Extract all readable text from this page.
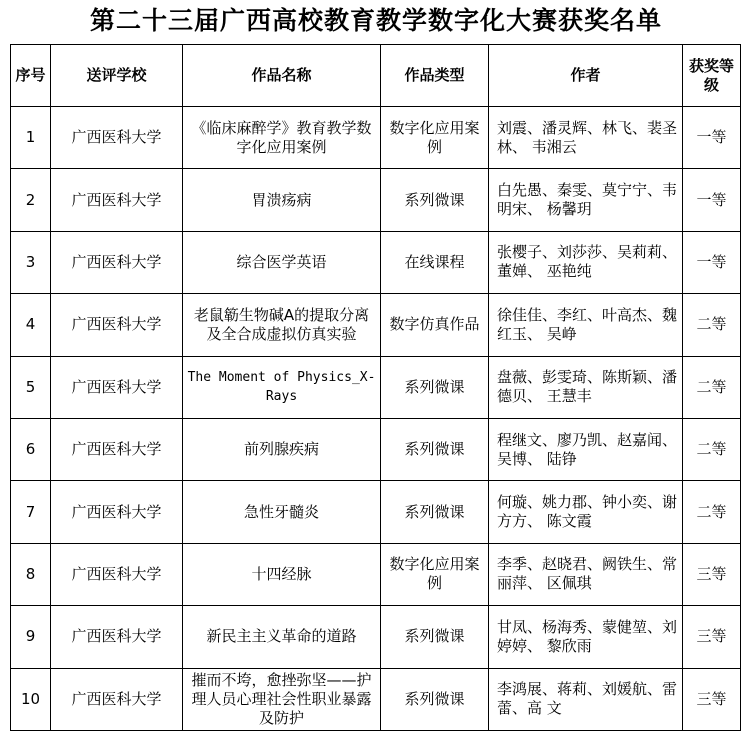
第二十三届广西高校教育教学数字化大赛获奖名单
序号	送评学校	作品名称	作品类型	作者	获奖等级
1	广西医科大学	《临床麻醉学》教育教学数 字化应用案例	数字化应用案例	刘震、潘灵辉、林飞、裴圣林、 韦湘云	一等
2	广西医科大学	胃溃疡病	系列微课	白先愚、秦雯、莫宁宁、韦明宋、 杨馨玥	一等
3	广西医科大学	综合医学英语	在线课程	张樱子、刘莎莎、吴莉莉、董婵、 巫艳纯	一等
4	广西医科大学	老鼠簕生物碱A的提取分离 及全合成虚拟仿真实验	数字仿真作品	徐佳佳、李红、叶高杰、魏红玉、 吴峥	二等
5	广西医科大学	The Moment of Physics_X-Rays	系列微课	盘薇、彭雯琦、陈斯颖、潘德贝、 王慧丰	二等
6	广西医科大学	前列腺疾病	系列微课	程继文、廖乃凯、赵嘉闻、吴博、 陆铮	二等
7	广西医科大学	急性牙髓炎	系列微课	何璇、姚力郡、钟小奕、谢方方、 陈文霞	二等
8	广西医科大学	十四经脉	数字化应用案例	李季、赵晓君、阙铁生、常丽萍、 区佩琪	三等
9	广西医科大学	新民主主义革命的道路	系列微课	甘凤、杨海秀、蒙健堃、刘婷婷、 黎欣雨	三等
10	广西医科大学	摧而不垮，愈挫弥坚——护 理人员心理社会性职业暴露 及防护	系列微课	李鸿展、蒋莉、刘媛航、雷蕾、高 文	三等
